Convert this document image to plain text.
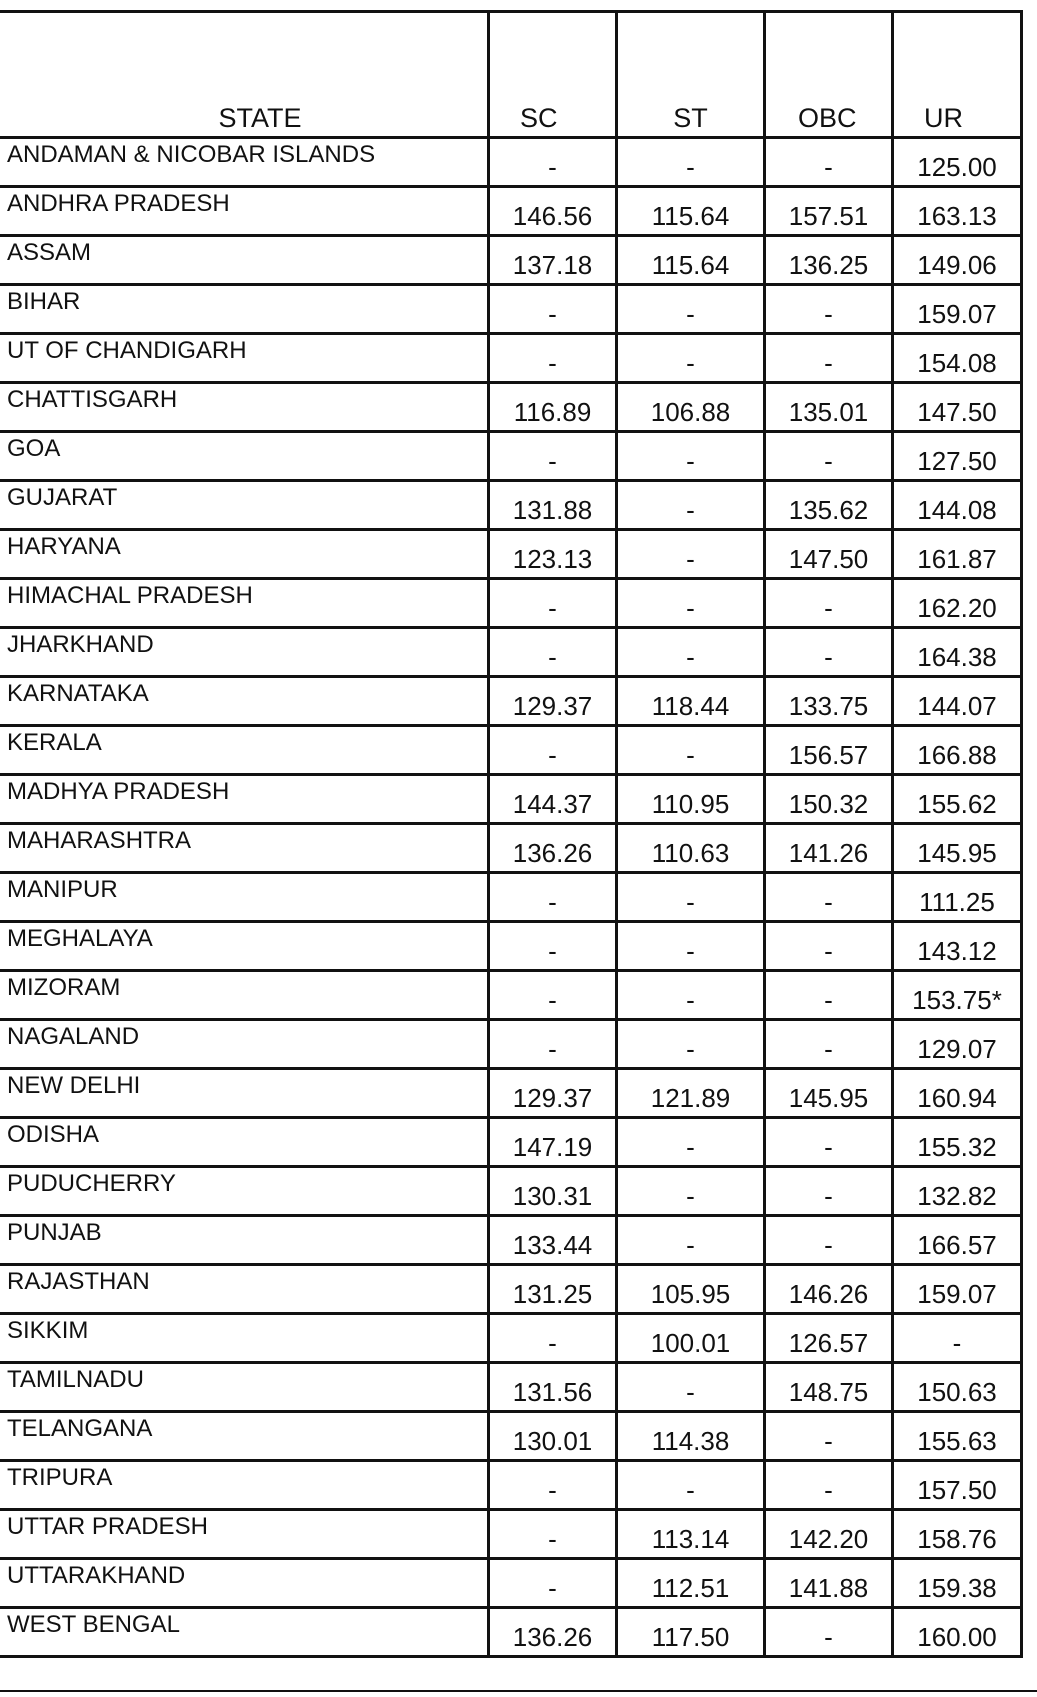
STATE	SC	ST	OBC	UR
ANDAMAN & NICOBAR ISLANDS	-	-	-	125.00
ANDHRA PRADESH	146.56	115.64	157.51	163.13
ASSAM	137.18	115.64	136.25	149.06
BIHAR	-	-	-	159.07
UT OF CHANDIGARH	-	-	-	154.08
CHATTISGARH	116.89	106.88	135.01	147.50
GOA	-	-	-	127.50
GUJARAT	131.88	-	135.62	144.08
HARYANA	123.13	-	147.50	161.87
HIMACHAL PRADESH	-	-	-	162.20
JHARKHAND	-	-	-	164.38
KARNATAKA	129.37	118.44	133.75	144.07
KERALA	-	-	156.57	166.88
MADHYA PRADESH	144.37	110.95	150.32	155.62
MAHARASHTRA	136.26	110.63	141.26	145.95
MANIPUR	-	-	-	111.25
MEGHALAYA	-	-	-	143.12
MIZORAM	-	-	-	153.75*
NAGALAND	-	-	-	129.07
NEW DELHI	129.37	121.89	145.95	160.94
ODISHA	147.19	-	-	155.32
PUDUCHERRY	130.31	-	-	132.82
PUNJAB	133.44	-	-	166.57
RAJASTHAN	131.25	105.95	146.26	159.07
SIKKIM	-	100.01	126.57	-
TAMILNADU	131.56	-	148.75	150.63
TELANGANA	130.01	114.38	-	155.63
TRIPURA	-	-	-	157.50
UTTAR PRADESH	-	113.14	142.20	158.76
UTTARAKHAND	-	112.51	141.88	159.38
WEST BENGAL	136.26	117.50	-	160.00
